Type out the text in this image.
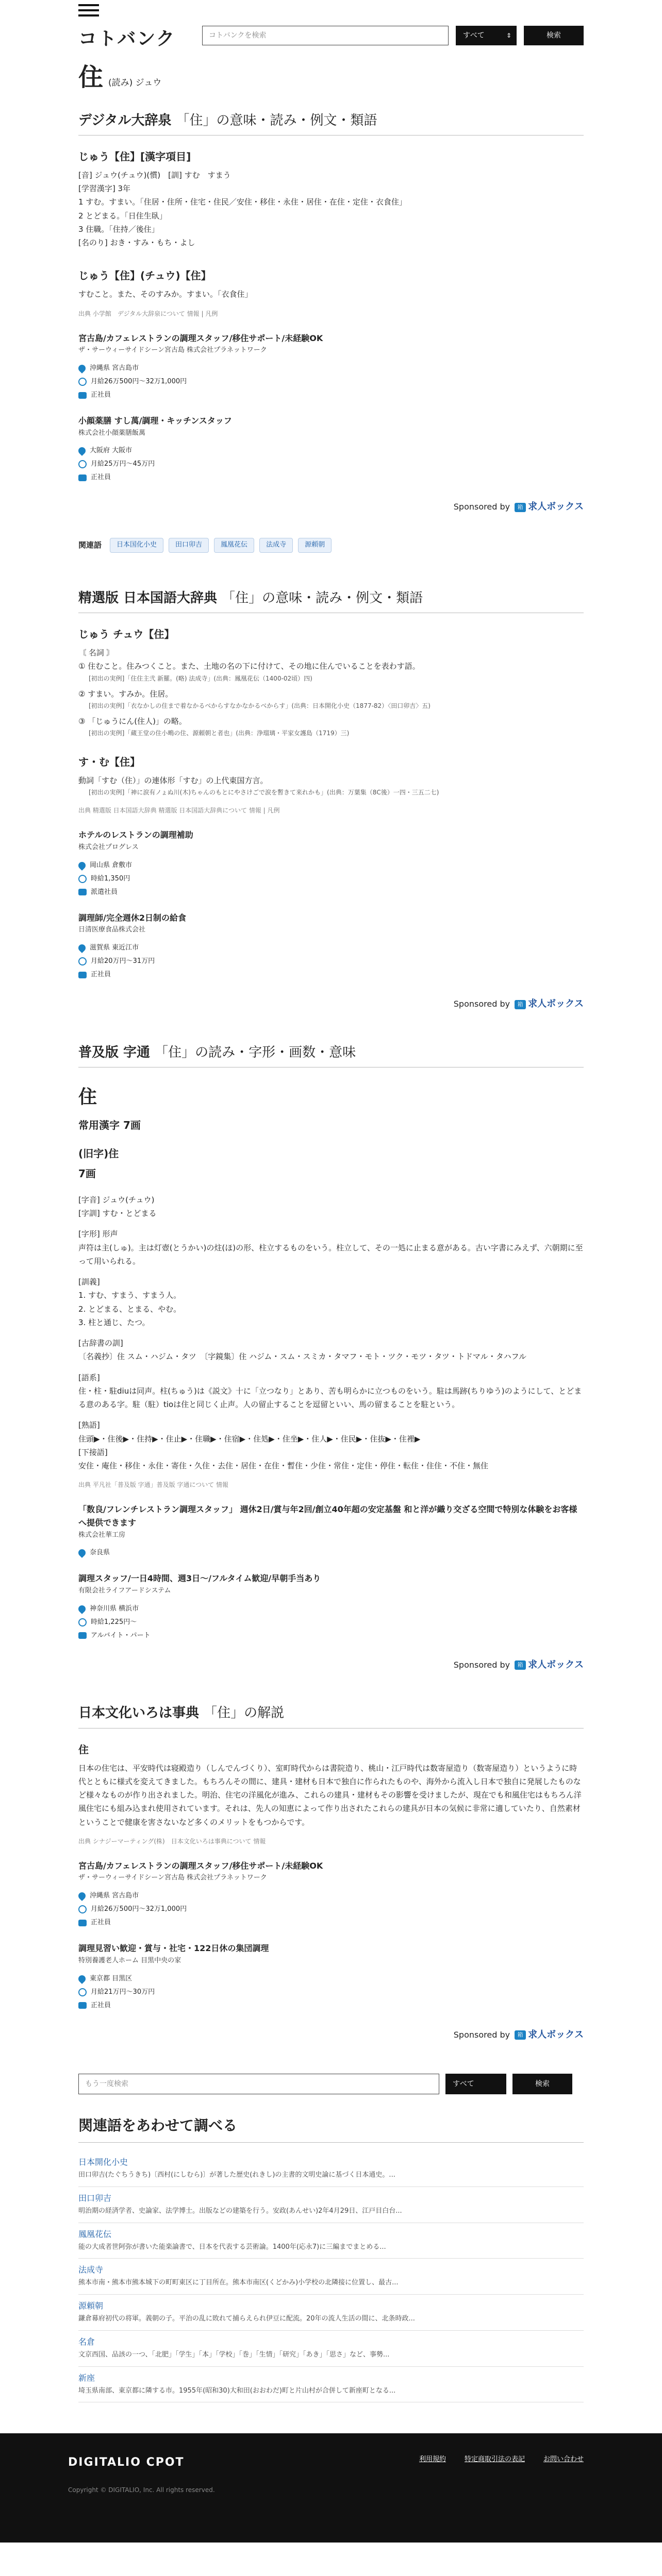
コトバンク	コトバンクを検索	すべて ⇕	検索
住 (読み) ジュウ
デジタル大辞泉 「住」の意味・読み・例文・類語
じゅう【住】[漢字項目]
[音] ジュウ(チュウ)(慣)　[訓] すむ　すまう
[学習漢字] 3年
1 すむ。すまい。「住居・住所・住宅・住民／安住・移住・永住・居住・在住・定住・衣食住」
2 とどまる。「日住生臥」
3 住職。「住持／後住」
[名のり] おき・すみ・もち・よし
じゅう【住】(チュウ)【住】
すむこと。また、そのすみか。すまい。「衣食住」
出典 小学館　デジタル大辞泉について 情報 | 凡例
宮古島/カフェレストランの調理スタッフ/移住サポート/未経験OK
ザ・サーウィーサイドシーン宮古島 株式会社プラネットワーク
沖縄県 宮古島市
月給26万500円〜32万1,000円
正社員
小顔薬膳 すし萬/調理・キッチンスタッフ
株式会社小顔薬膳飯萬
大阪府 大阪市
月給25万円〜45万円
正社員
Sponsored by 箱 求人ボックス
関連語	日本国化小史	田口卯吉	鳳凰花伝	法成寺	源頼朝
精選版 日本国語大辞典 「住」の意味・読み・例文・類語
じゅう チュウ【住】
〘 名詞 〙
① 住むこと。住みつくこと。また、土地の名の下に付けて、その地に住んでいることを表わす語。
[初出の実例]「住住主弐 新羅。(略) 法成寺」(出典：鳳凰花伝（1400‐02頃）四)
② すまい。すみか。住居。
[初出の実例]「衣なかしの住まで着なかるべからすなかなかるべからす」(出典：日本開化小史（1877‐82）〈田口卯吉〉五)
③ 「じゅうにん(住人)」の略。
[初出の実例]「蔵王堂の住小鴫の住、源頼朝と者也」(出典：浄瑠璃・平家女護島（1719）三)
す・む【住】
動詞「すむ（住）」の連体形「すむ」の上代東国方言。
[初出の実例]「神に涙有ノょぬ川(木)ちゃんのもとにやさけごで涙を暫きて来れかも」(出典：万葉集（8C後）一四・三五二七)
出典 精選版 日本国語大辞典 精選版 日本国語大辞典について 情報 | 凡例
ホテルのレストランの調理補助
株式会社プログレス
岡山県 倉敷市
時給1,350円
派遣社員
調理師/完全週休2日制の給食
日清医療食品株式会社
滋賀県 東近江市
月給20万円〜31万円
正社員
Sponsored by 箱 求人ボックス
普及版 字通 「住」の読み・字形・画数・意味
住
常用漢字 7画
(旧字)住
7画
[字音] ジュウ(チュウ)
[字訓] すむ・とどまる
[字形] 形声
声符は主(しゅ)。主は灯壺(とうかい)の炷(ほ)の形、柱立するものをいう。柱立して、その一処に止まる意がある。古い字書にみえず、六朝期に至って用いられる。
[訓義]
1. すむ、すまう、すまう人。
2. とどまる、とまる、やむ。
3. 柱と通じ、たつ。
[古辞書の訓]
〔名義抄〕住 スム・ハジム・タツ　〔字鏡集〕住 ハジム・スム・スミカ・タマフ・モト・ツク・モツ・タツ・トドマル・タハフル
[語系]
住・柱・駐diuは同声。柱(ちゅう)は《説文》十に「立つなり」とあり、苦も明らかに立つものをいう。駐は馬跡(ちりゆう)のようにして、とどまる意のある字。駐（駐）tioは住と同じく止声。人の留止することを逗留といい、馬の留まることを駐という。
[熟語]
住頭▶・住後▶・住持▶・住止▶・住職▶・住宿▶・住処▶・住坐▶・住人▶・住民▶・住抜▶・住裡▶
[下接語]
安住・庵住・移住・永住・寄住・久住・去住・居住・在住・暫住・少住・常住・定住・停住・転住・住住・不住・無住
出典 平凡社「普及版 字通」普及版 字通について 情報
「数良/フレンチレストラン調理スタッフ」 週休2日/賞与年2回/創立40年超の安定基盤 和と洋が織り交ざる空間で特別な体験をお客様へ提供できます
株式会社華工房
奈良県
調理スタッフ/一日4時間、週3日〜/フルタイム歓迎/早朝手当あり
有限会社ライフアードシステム
神奈川県 横浜市
時給1,225円〜
アルバイト・パート
Sponsored by 箱 求人ボックス
日本文化いろは事典 「住」の解説
住
日本の住宅は、平安時代は寝殿造り（しんでんづくり）、室町時代からは書院造り、桃山・江戸時代は数寄屋造り（数寄屋造り）というように時代とともに様式を変えてきました。もちろんその間に、建具・建材も日本で独自に作られたものや、海外から流入し日本で独自に発展したものなど様々なものが作り出されました。明治、住宅の洋風化が進み、これらの建具・建材もその影響を受けましたが、現在でも和風住宅はもちろん洋風住宅にも組み込まれ使用されています。それは、先人の知恵によって作り出されたこれらの建具が日本の気候に非常に適していたり、自然素材ということで健康を害さないなど多くのメリットをもつからです。
出典 シナジーマーティング(株)　日本文化いろは事典について 情報
宮古島/カフェレストランの調理スタッフ/移住サポート/未経験OK
ザ・サーウィーサイドシーン宮古島 株式会社プラネットワーク
沖縄県 宮古島市
月給26万500円〜32万1,000円
正社員
調理見習い歓迎・賞与・社宅・122日休の集団調理
特別養護老人ホーム 目黒中央の家
東京都 目黒区
月給21万円〜30万円
正社員
Sponsored by 箱 求人ボックス
もう一度検索	すべて	検索
関連語をあわせて調べる
日本開化小史
田口卯吉(たぐちうきち)〔西村(にしむら)〕が著した歴史(れきし)の主書的文明史論に基づく日本通史。...
田口卯吉
明治期の経済学者、史論家、法学博士。出版などの建築を行う。安政(あんせい)2年4月29日、江戸目白台...
鳳凰花伝
能の大成者世阿弥が書いた能楽論書で、日本を代表する芸術論。1400年(応永7)に三編までまとめる...
法成寺
熊本市南・熊本市熊本城下の町町東区に丁目所在。熊本市南区(くどかみ)小学校の北隣接に位置し、最古...
源頼朝
鎌倉幕府初代の将軍。義朝の子。平治の乱に敗れて捕らえられ伊豆に配流。20年の流人生活の間に、北条時政...
名倉
文京西国、品該の一つ、「北肥」「学生」「本」「学校」「巻」「生情」「研究」「あき」「思さ」など、事勢...
新座
埼玉県南部、東京都に隣する市。1955年(昭和30)大和田(おおわだ)町と片山村が合併して新座町となる...
DIGITALIO CPOT	利用規約	特定商取引法の表記	お問い合わせ
Copyright © DIGITALIO, Inc. All rights reserved.
